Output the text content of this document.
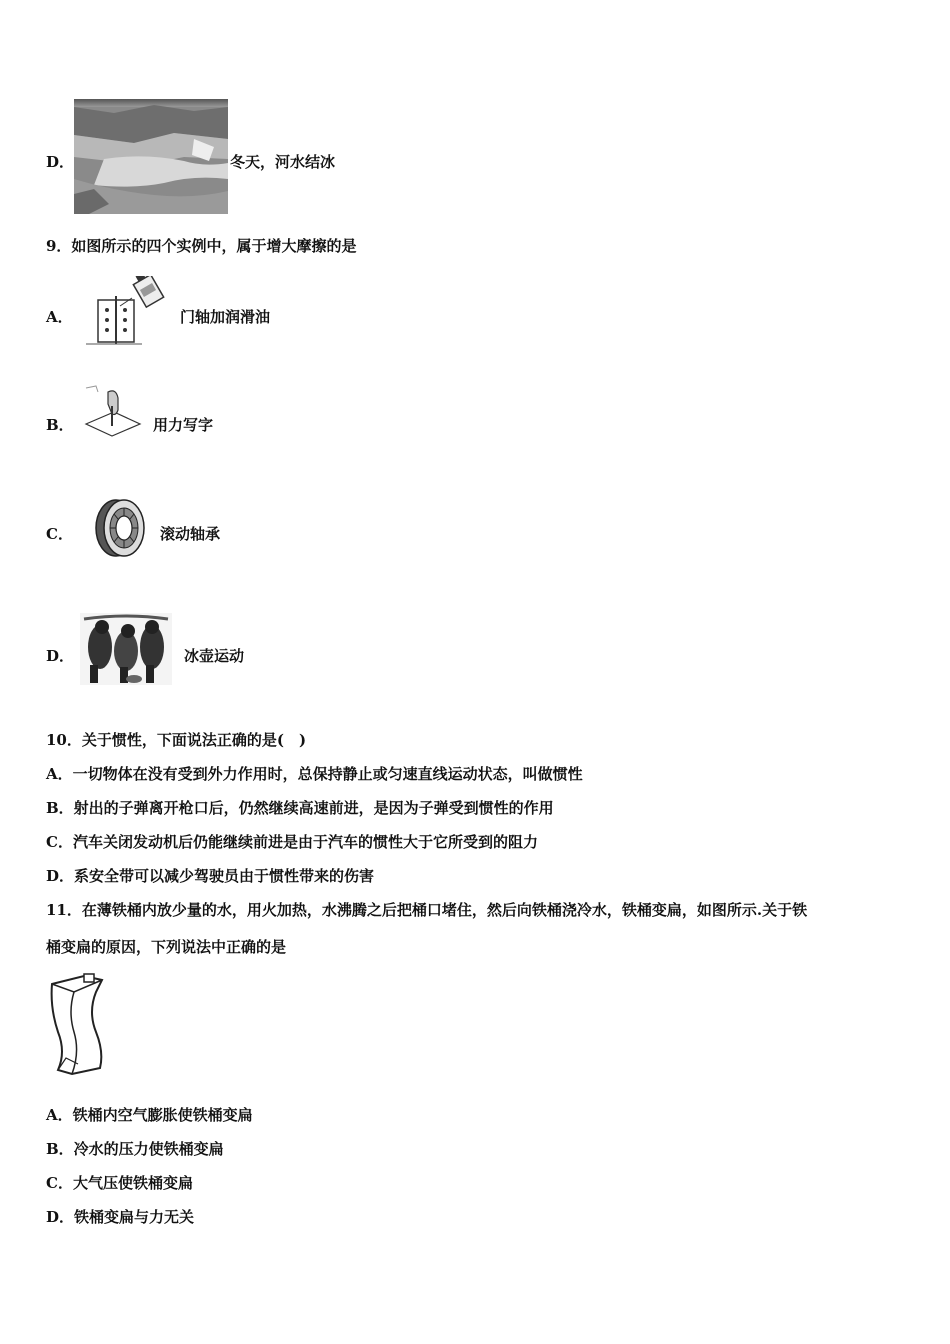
D．	冬天，河水结冰
9．如图所示的四个实例中，属于增大摩擦的是
A．	门轴加润滑油
B．	用力写字
C．	滚动轴承
D．	冰壶运动
10．关于惯性，下面说法正确的是(　)
A．一切物体在没有受到外力作用时，总保持静止或匀速直线运动状态，叫做惯性
B．射出的子弹离开枪口后，仍然继续高速前进，是因为子弹受到惯性的作用
C．汽车关闭发动机后仍能继续前进是由于汽车的惯性大于它所受到的阻力
D．系安全带可以减少驾驶员由于惯性带来的伤害
11．在薄铁桶内放少量的水，用火加热，水沸腾之后把桶口堵住，然后向铁桶浇冷水，铁桶变扁，如图所示.关于铁
桶变扁的原因，下列说法中正确的是
A．铁桶内空气膨胀使铁桶变扁
B．冷水的压力使铁桶变扁
C．大气压使铁桶变扁
D．铁桶变扁与力无关
